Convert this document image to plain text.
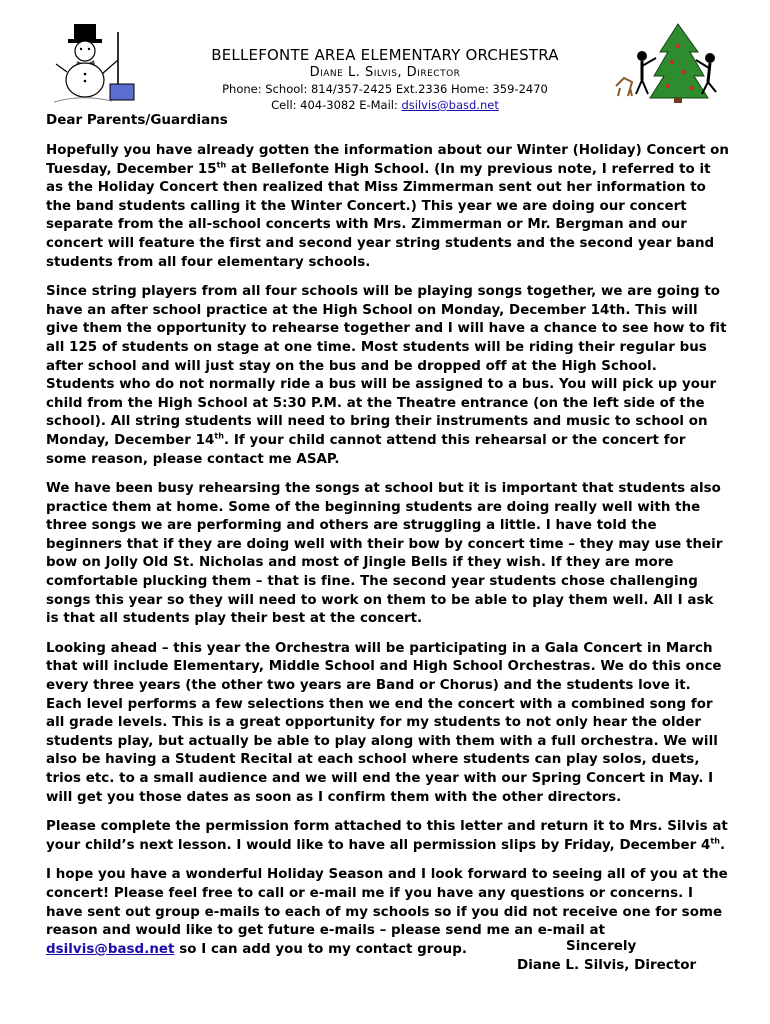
BELLEFONTE AREA ELEMENTARY ORCHESTRA
Diane L. Silvis, Director
Phone: School: 814/357-2425 Ext.2336 Home: 359-2470
Cell: 404-3082 E-Mail: dsilvis@basd.net
Dear Parents/Guardians

Hopefully you have already gotten the information about our Winter (Holiday) Concert on Tuesday, December 15th at Bellefonte High School. (In my previous note, I referred to it as the Holiday Concert then realized that Miss Zimmerman sent out her information to the band students calling it the Winter Concert.) This year we are doing our concert separate from the all-school concerts with Mrs. Zimmerman or Mr. Bergman and our concert will feature the first and second year string students and the second year band students from all four elementary schools.

Since string players from all four schools will be playing songs together, we are going to have an after school practice at the High School on Monday, December 14th. This will give them the opportunity to rehearse together and I will have a chance to see how to fit all 125 of students on stage at one time. Most students will be riding their regular bus after school and will just stay on the bus and be dropped off at the High School. Students who do not normally ride a bus will be assigned to a bus. You will pick up your child from the High School at 5:30 P.M. at the Theatre entrance (on the left side of the school). All string students will need to bring their instruments and music to school on Monday, December 14th. If your child cannot attend this rehearsal or the concert for some reason, please contact me ASAP.

We have been busy rehearsing the songs at school but it is important that students also practice them at home. Some of the beginning students are doing really well with the three songs we are performing and others are struggling a little. I have told the beginners that if they are doing well with their bow by concert time – they may use their bow on Jolly Old St. Nicholas and most of Jingle Bells if they wish. If they are more comfortable plucking them – that is fine. The second year students chose challenging songs this year so they will need to work on them to be able to play them well. All I ask is that all students play their best at the concert.

Looking ahead – this year the Orchestra will be participating in a Gala Concert in March that will include Elementary, Middle School and High School Orchestras. We do this once every three years (the other two years are Band or Chorus) and the students love it. Each level performs a few selections then we end the concert with a combined song for all grade levels. This is a great opportunity for my students to not only hear the older students play, but actually be able to play along with them with a full orchestra. We will also be having a Student Recital at each school where students can play solos, duets, trios etc. to a small audience and we will end the year with our Spring Concert in May. I will get you those dates as soon as I confirm them with the other directors.

Please complete the permission form attached to this letter and return it to Mrs. Silvis at your child’s next lesson. I would like to have all permission slips by Friday, December 4th.

I hope you have a wonderful Holiday Season and I look forward to seeing all of you at the concert! Please feel free to call or e-mail me if you have any questions or concerns. I have sent out group e-mails to each of my schools so if you did not receive one for some reason and would like to get future e-mails – please send me an e-mail at dsilvis@basd.net so I can add you to my contact group.	Sincerely
Diane L. Silvis, Director
